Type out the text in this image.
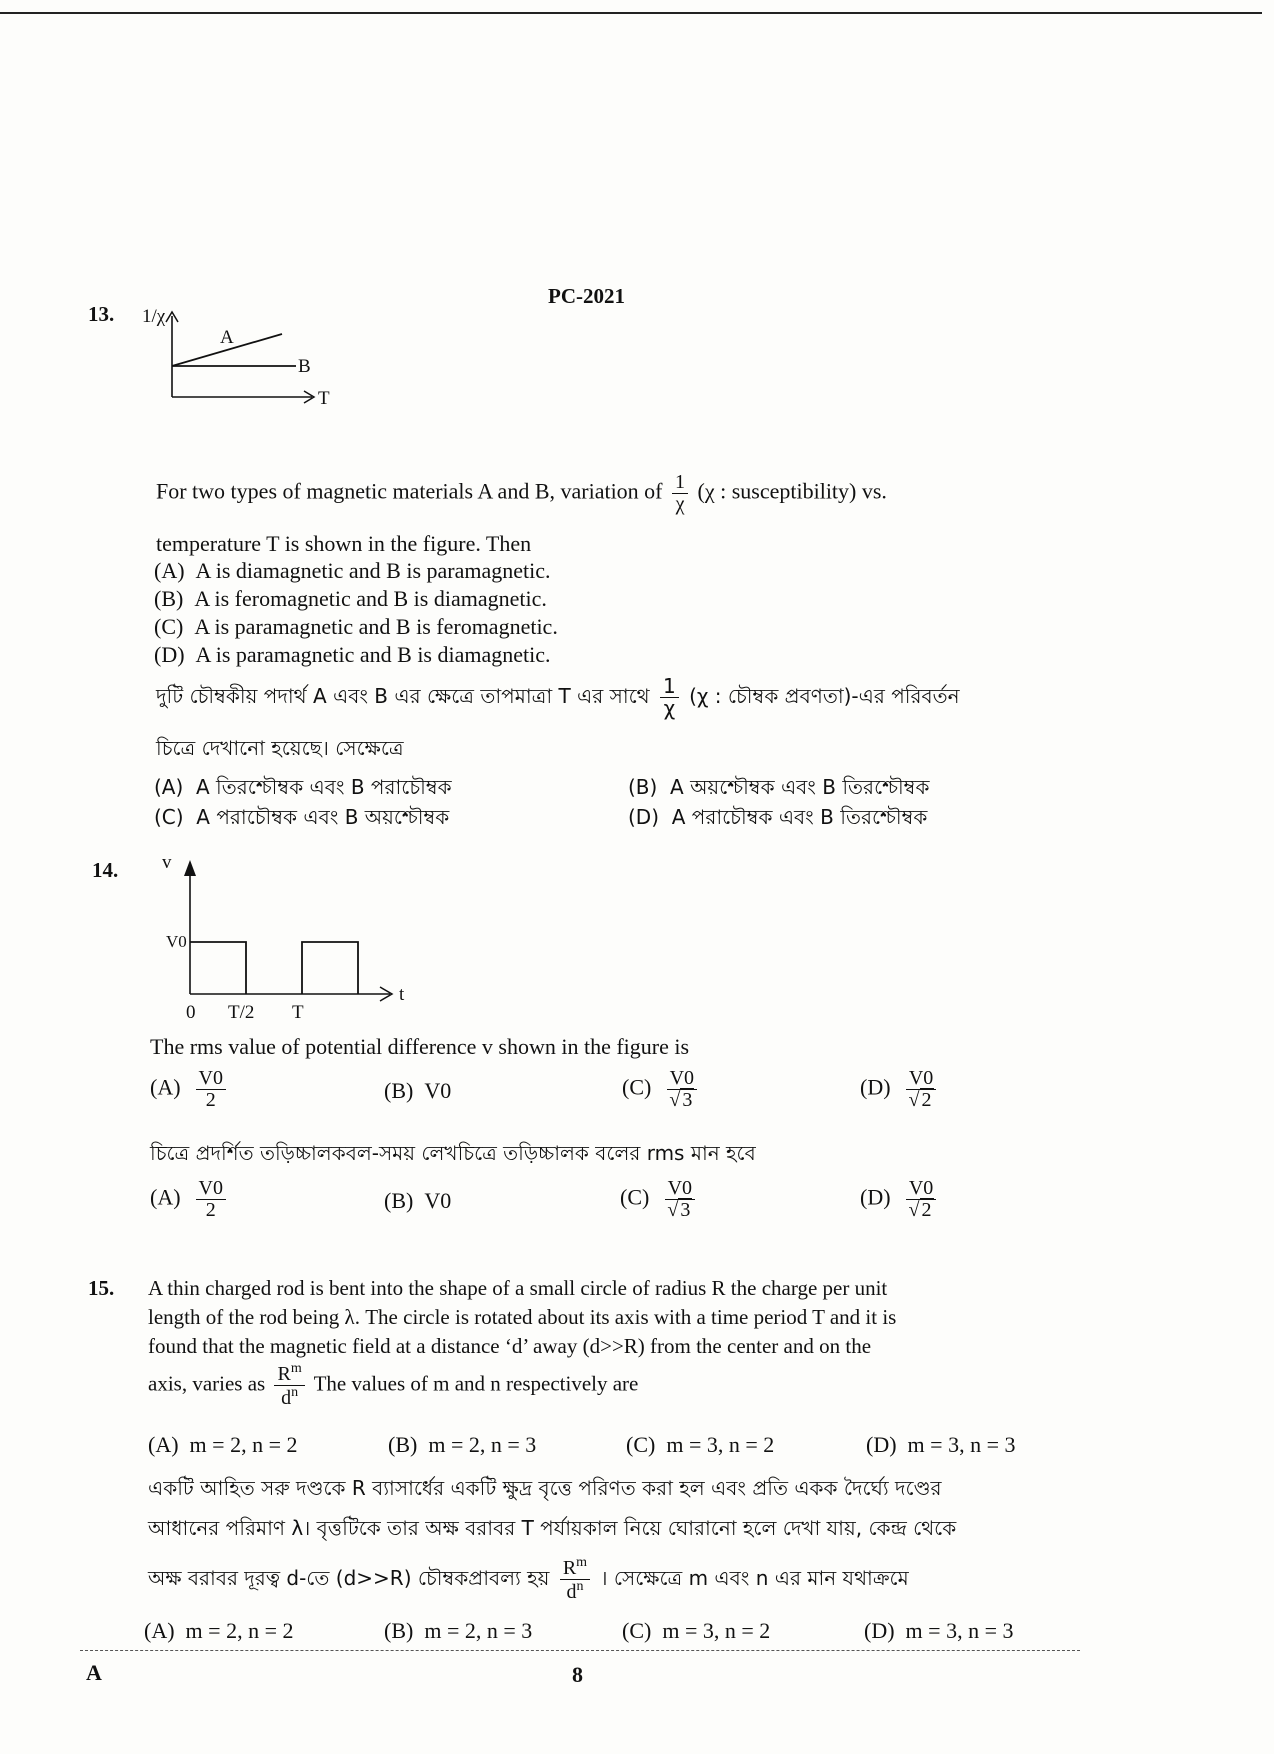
PC-2021
13. 1/χ
A
B
T
For two types of magnetic materials A and B, variation of $\frac{1}{\chi} (\chi$ : susceptibility) vs.
temperature T is shown in the figure. Then
(A) A is diamagnetic and B is paramagnetic.
(B) A is feromagnetic and B is diamagnetic.
(C) A is paramagnetic and B is feromagnetic.
(D) A is paramagnetic and B is diamagnetic.
দুটি চৌম্বকীয় পদার্থ A এবং B এর ক্ষেত্রে তাপমাত্রা T এর সাথে $\frac{1}{\chi} (\chi$ : চৌম্বক প্রবণতা)-এর পরিবর্তন
চিত্রে দেখানো হয়েছে। সেক্ষেত্রে
(A) A তিরশ্চৌম্বক এবং B পরাচৌম্বক	(B) A অয়শ্চৌম্বক এবং B তিরশ্চৌম্বক
(C) A পরাচৌম্বক এবং B অয়শ্চৌম্বক	(D) A পরাচৌম্বক এবং B তিরশ্চৌম্বক
14. v
V0
t
0 T/2 T
The rms value of potential difference v shown in the figure is
$(A) \frac{V0}{2}$	(B) V0	$(C) \frac{V0}{√ 3}$	$(D) \frac{V0}{√ 2}$
চিত্রে প্রদর্শিত তড়িচ্চালকবল-সময় লেখচিত্রে তড়িচ্চালক বলের rms মান হবে
$(A) \frac{V0}{2}$	(B) V0	$(C) \frac{V0}{√ 3}$	$(D) \frac{V0}{√ 2}$
15. A thin charged rod is bent into the shape of a small circle of radius R the charge per unit
length of the rod being λ. The circle is rotated about its axis with a time period T and it is
found that the magnetic field at a distance ‘d’ away (d>>R) from the center and on the
axis, varies as $\frac{R^m}{d^n}$ The values of m and n respectively are
(A) m = 2, n = 2	(B) m = 2, n = 3	(C) m = 3, n = 2	(D) m = 3, n = 3
একটি আহিত সরু দণ্ডকে R ব্যাসার্ধের একটি ক্ষুদ্র বৃত্তে পরিণত করা হল এবং প্রতি একক দৈর্ঘ্যে দণ্ডের
আধানের পরিমাণ λ। বৃত্তটিকে তার অক্ষ বরাবর T পর্যায়কাল নিয়ে ঘোরানো হলে দেখা যায়, কেন্দ্র থেকে
অক্ষ বরাবর দূরত্ব d-তে (d>>R) চৌম্বকপ্রাবল্য হয় $\frac{R^m}{d^n}$ । সেক্ষেত্রে m এবং n এর মান যথাক্রমে
(A) m = 2, n = 2	(B) m = 2, n = 3	(C) m = 3, n = 2	(D) m = 3, n = 3
A	8
